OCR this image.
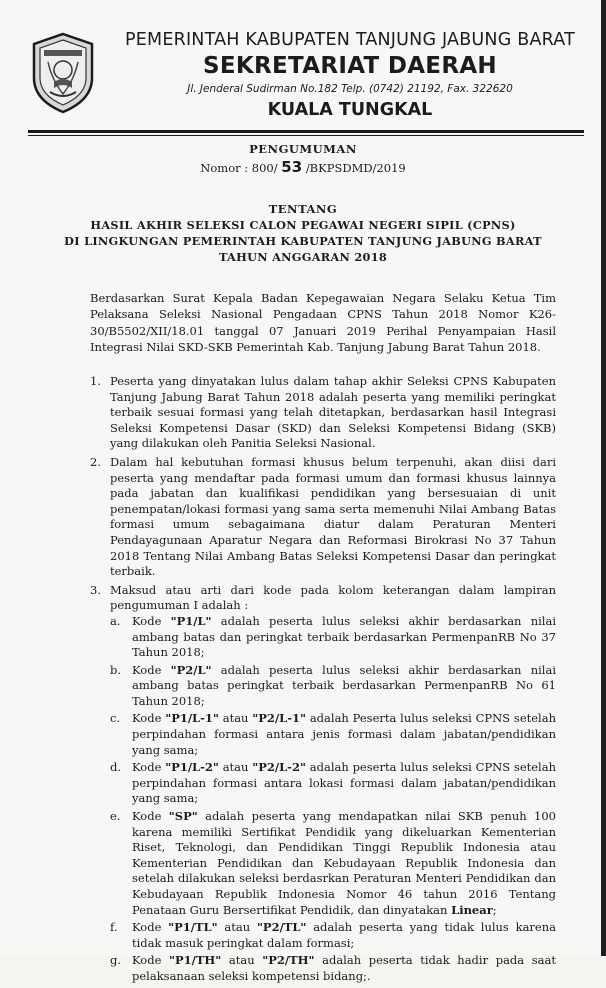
PEMERINTAH KABUPATEN TANJUNG JABUNG BARAT
SEKRETARIAT DAERAH
Jl. Jenderal Sudirman No.182 Telp. (0742) 21192, Fax. 322620
KUALA TUNGKAL
PENGUMUMAN
Nomor : 800/ 53 /BKPSDMD/2019
TENTANG
HASIL AKHIR SELEKSI CALON PEGAWAI NEGERI SIPIL (CPNS)
DI LINGKUNGAN PEMERINTAH KABUPATEN TANJUNG JABUNG BARAT
TAHUN ANGGARAN 2018
Berdasarkan Surat Kepala Badan Kepegawaian Negara Selaku Ketua Tim Pelaksana Seleksi Nasional Pengadaan CPNS Tahun 2018 Nomor K26-30/B5502/XII/18.01 tanggal 07 Januari 2019 Perihal Penyampaian Hasil Integrasi Nilai SKD-SKB Pemerintah Kab. Tanjung Jabung Barat Tahun 2018.
1. Peserta yang dinyatakan lulus dalam tahap akhir Seleksi CPNS Kabupaten Tanjung Jabung Barat Tahun 2018 adalah peserta yang memiliki peringkat terbaik sesuai formasi yang telah ditetapkan, berdasarkan hasil Integrasi Seleksi Kompetensi Dasar (SKD) dan Seleksi Kompetensi Bidang (SKB) yang dilakukan oleh Panitia Seleksi Nasional.
2. Dalam hal kebutuhan formasi khusus belum terpenuhi, akan diisi dari peserta yang mendaftar pada formasi umum dan formasi khusus lainnya pada jabatan dan kualifikasi pendidikan yang bersesuaian di unit penempatan/lokasi formasi yang sama serta memenuhi Nilai Ambang Batas formasi umum sebagaimana diatur dalam Peraturan Menteri Pendayagunaan Aparatur Negara dan Reformasi Birokrasi No 37 Tahun 2018 Tentang Nilai Ambang Batas Seleksi Kompetensi Dasar dan peringkat terbaik.
3. Maksud atau arti dari kode pada kolom keterangan dalam lampiran pengumuman I adalah :
a. Kode "P1/L" adalah peserta lulus seleksi akhir berdasarkan nilai ambang batas dan peringkat terbaik berdasarkan PermenpanRB No 37 Tahun 2018;
b. Kode "P2/L" adalah peserta lulus seleksi akhir berdasarkan nilai ambang batas peringkat terbaik berdasarkan PermenpanRB No 61 Tahun 2018;
c. Kode "P1/L-1" atau "P2/L-1" adalah Peserta lulus seleksi CPNS setelah perpindahan formasi antara jenis formasi dalam jabatan/pendidikan yang sama;
d. Kode "P1/L-2" atau "P2/L-2" adalah peserta lulus seleksi CPNS setelah perpindahan formasi antara lokasi formasi dalam jabatan/pendidikan yang sama;
e. Kode "SP" adalah peserta yang mendapatkan nilai SKB penuh 100 karena memiliki Sertifikat Pendidik yang dikeluarkan Kementerian Riset, Teknologi, dan Pendidikan Tinggi Republik Indonesia atau Kementerian Pendidikan dan Kebudayaan Republik Indonesia dan setelah dilakukan seleksi berdasrkan Peraturan Menteri Pendidikan dan Kebudayaan Republik Indonesia Nomor 46 tahun 2016 Tentang Penataan Guru Bersertifikat Pendidik, dan dinyatakan Linear;
f. Kode "P1/TL" atau "P2/TL" adalah peserta yang tidak lulus karena tidak masuk peringkat dalam formasi;
g. Kode "P1/TH" atau "P2/TH" adalah peserta tidak hadir pada saat pelaksanaan seleksi kompetensi bidang;.
